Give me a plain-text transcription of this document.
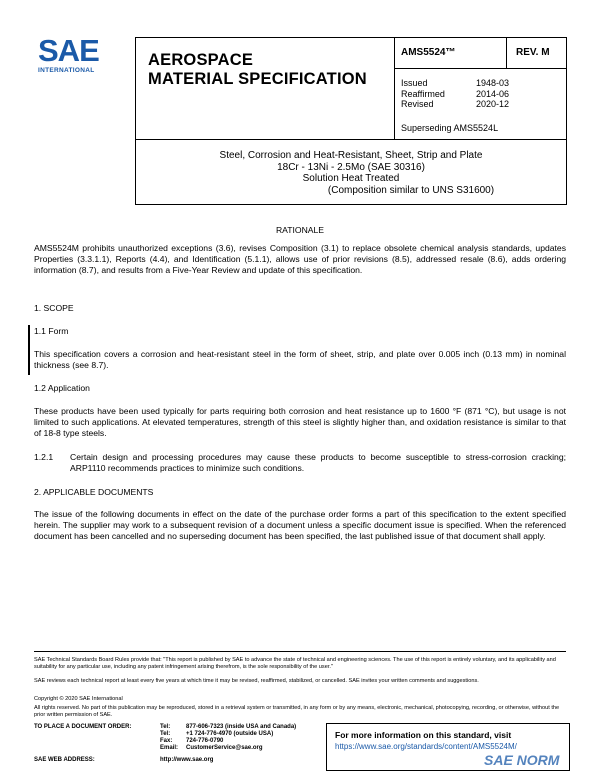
SAE
INTERNATIONAL
AEROSPACE
MATERIAL SPECIFICATION
AMS5524™	REV. M
Issued	1948-03
Reaffirmed	2014-06
Revised	2020-12
Superseding AMS5524L
Steel, Corrosion and Heat-Resistant, Sheet, Strip and Plate
18Cr - 13Ni - 2.5Mo (SAE 30316)
Solution Heat Treated
(Composition similar to UNS S31600)
RATIONALE
AMS5524M prohibits unauthorized exceptions (3.6), revises Composition (3.1) to replace obsolete chemical analysis standards, updates Properties (3.3.1.1), Reports (4.4), and Identification (5.1.1), allows use of prior revisions (8.5), addressed resale (8.6), adds ordering information (8.7), and results from a Five-Year Review and update of this specification.
1. SCOPE
1.1 Form
This specification covers a corrosion and heat-resistant steel in the form of sheet, strip, and plate over 0.005 inch (0.13 mm) in nominal thickness (see 8.7).
1.2 Application
These products have been used typically for parts requiring both corrosion and heat resistance up to 1600 °F (871 °C), but usage is not limited to such applications. At elevated temperatures, strength of this steel is slightly higher than, and oxidation resistance is similar to that of 18-8 type steels.
1.2.1 Certain design and processing procedures may cause these products to become susceptible to stress-corrosion cracking; ARP1110 recommends practices to minimize such conditions.
2. APPLICABLE DOCUMENTS
The issue of the following documents in effect on the date of the purchase order forms a part of this specification to the extent specified herein. The supplier may work to a subsequent revision of a document unless a specific document issue is specified. When the referenced document has been cancelled and no superseding document has been specified, the last published issue of that document shall apply.
SAE Technical Standards Board Rules provide that: "This report is published by SAE to advance the state of technical and engineering sciences. The use of this report is entirely voluntary, and its applicability and suitability for any particular use, including any patent infringement arising therefrom, is the sole responsibility of the user."
SAE reviews each technical report at least every five years at which time it may be revised, reaffirmed, stabilized, or cancelled. SAE invites your written comments and suggestions.
Copyright © 2020 SAE International
All rights reserved. No part of this publication may be reproduced, stored in a retrieval system or transmitted, in any form or by any means, electronic, mechanical, photocopying, recording, or otherwise, without the prior written permission of SAE.
TO PLACE A DOCUMENT ORDER:	Tel:	877-606-7323 (inside USA and Canada)
Tel:	+1 724-776-4970 (outside USA)
Fax: 724-776-0790
Email: CustomerService@sae.org
SAE WEB ADDRESS:	http://www.sae.org
For more information on this standard, visit
https://www.sae.org/standards/content/AMS5524M/
SAE NORM
